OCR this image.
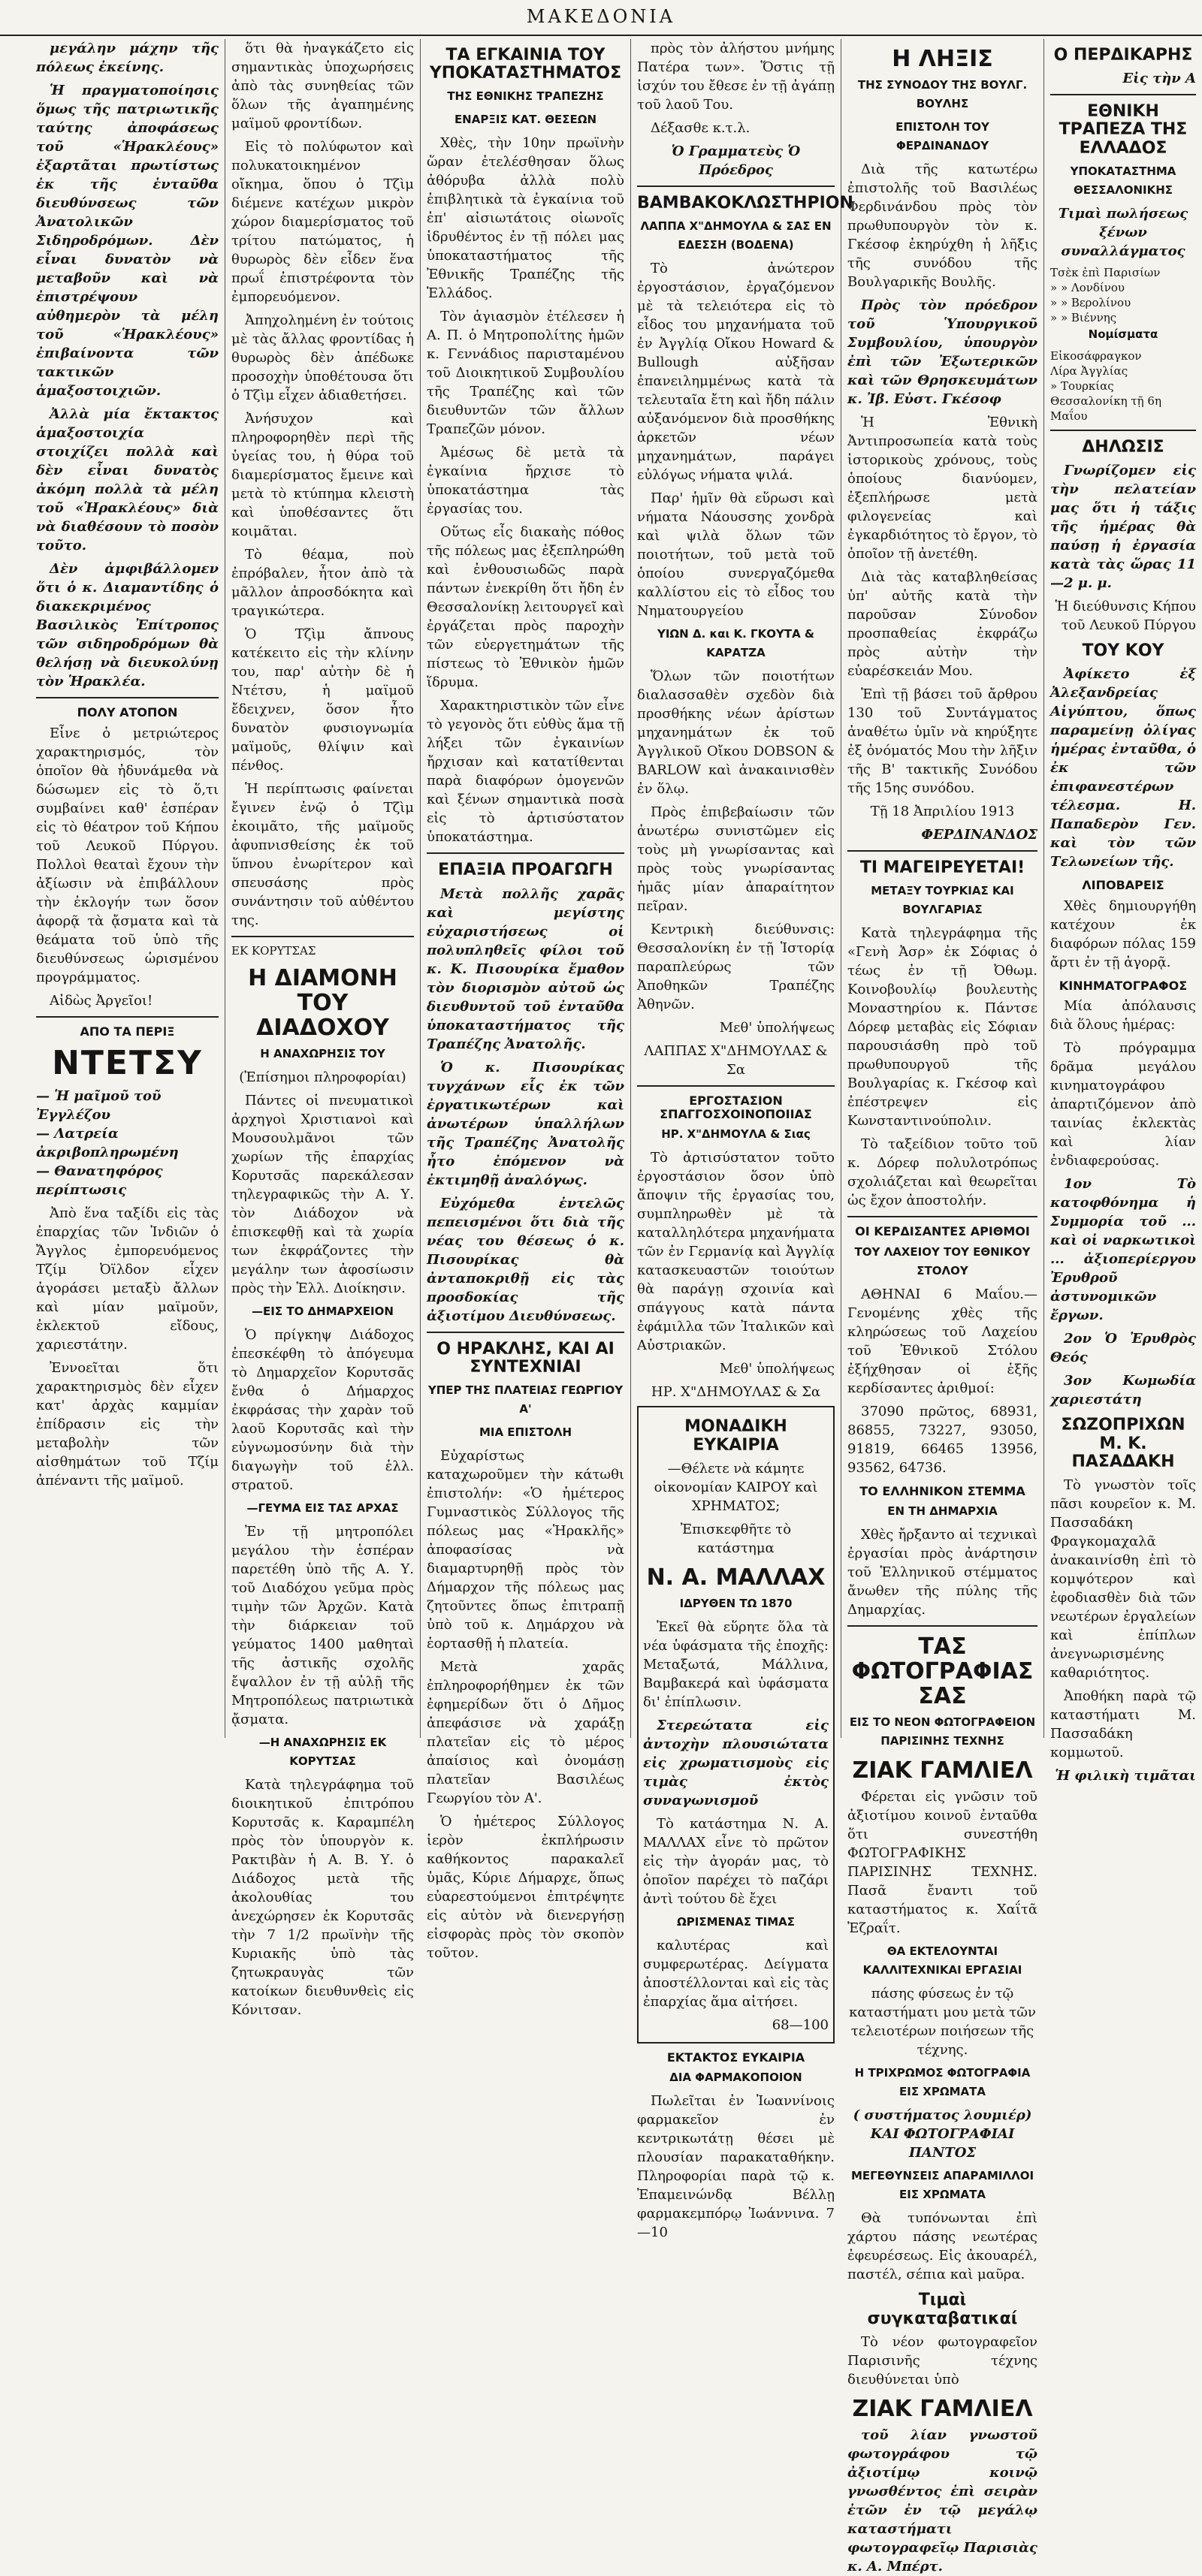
ΜΑΚΕΔΟΝΙΑ

μεγάλην μάχην τῆς πόλεως ἐκείνης.

Ἡ πραγματοποίησις ὅμως τῆς πατριωτικῆς ταύτης ἀποφάσεως τοῦ «Ἡρακλέους» ἐξαρτᾶται πρωτίστως ἐκ τῆς ἐνταῦθα διευθύνσεως τῶν Ἀνατολικῶν Σιδηροδρόμων. Δὲν εἶναι δυνατὸν νὰ μεταβοῦν καὶ νὰ ἐπιστρέψουν αὐθημερὸν τὰ μέλη τοῦ «Ἡρακλέους» ἐπιβαίνοντα τῶν τακτικῶν ἁμαξοστοιχιῶν.

Ἀλλὰ μία ἔκτακτος ἁμαξοστοιχία στοιχίζει πολλὰ καὶ δὲν εἶναι δυνατὸς ἀκόμη πολλὰ τὰ μέλη τοῦ «Ἡρακλέους» διὰ νὰ διαθέσουν τὸ ποσὸν τοῦτο.

Δὲν ἀμφιβάλλομεν ὅτι ὁ κ. Διαμαντίδης ὁ διακεκριμένος Βασιλικὸς Ἐπίτροπος τῶν σιδηροδρόμων θὰ θελήσῃ νὰ διευκολύνῃ τὸν Ἡρακλέα.

ΠΟΛΥ ΑΤΟΠΟΝ

Εἶνε ὁ μετριώτερος χαρακτηρισμός, τὸν ὁποῖον θὰ ἠδυνάμεθα νὰ δώσωμεν εἰς τὸ ὅ,τι συμβαίνει καθ' ἑσπέραν εἰς τὸ θέατρον τοῦ Κήπου τοῦ Λευκοῦ Πύργου. Πολλοὶ θεαταὶ ἔχουν τὴν ἀξίωσιν νὰ ἐπιβάλλουν τὴν ἐκλογήν των ὅσον ἀφορᾷ τὰ ᾄσματα καὶ τὰ θεάματα τοῦ ὑπὸ τῆς διευθύνσεως ὡρισμένου προγράμματος.

Αἰδὼς Ἀργεῖοι!

ΑΠΟ ΤΑ ΠΕΡΙΞ
ΝΤΕΤΣΥ
— Ἡ μαῖμοῦ τοῦ Ἐγγλέζου
— Λατρεία ἀκριβοπληρωμένη
— Θανατηφόρος περίπτωσις

Ἀπὸ ἕνα ταξίδι εἰς τὰς ἐπαρχίας τῶν Ἰνδιῶν ὁ Ἄγγλος ἐμπορευόμενος Τζίμ Ὀϊλδον εἶχεν ἀγοράσει μεταξὺ ἄλλων καὶ μίαν μαϊμοῦν, ἐκλεκτοῦ εἴδους, χαριεστάτην.

Ἐννοεῖται ὅτι χαρακτηρισμὸς δὲν εἶχεν κατ' ἀρχὰς καμμίαν ἐπίδρασιν εἰς τὴν μεταβολὴν τῶν αἰσθημάτων τοῦ Τζίμ ἀπέναντι τῆς μαϊμοῦ.

ὅτι θὰ ἠναγκάζετο εἰς σημαντικὰς ὑποχωρήσεις ἀπὸ τὰς συνηθείας τῶν ὅλων τῆς ἀγαπημένης μαϊμοῦ φροντίδων.

Εἰς τὸ πολύφωτον καὶ πολυκατοικημένον οἴκημα, ὅπου ὁ Τζὶμ διέμενε κατέχων μικρὸν χώρον διαμερίσματος τοῦ τρίτου πατώματος, ἡ θυρωρὸς δὲν εἶδεν ἕνα πρωΐ ἐπιστρέφοντα τὸν ἐμπορευόμενον.

Ἀπηχολημένη ἐν τούτοις μὲ τὰς ἄλλας φροντίδας ἡ θυρωρὸς δὲν ἀπέδωκε προσοχὴν ὑποθέτουσα ὅτι ὁ Τζὶμ εἶχεν ἀδιαθετήσει.

Ἀνήσυχον καὶ πληροφορηθὲν περὶ τῆς ὑγείας του, ἡ θύρα τοῦ διαμερίσματος ἔμεινε καὶ μετὰ τὸ κτύπημα κλειστὴ καὶ ὑποθέσαντες ὅτι κοιμᾶται.

Τὸ θέαμα, ποὺ ἐπρόβαλεν, ἦτον ἀπὸ τὰ μᾶλλον ἀπροσδόκητα καὶ τραγικώτερα.

Ὁ Τζὶμ ἄπνους κατέκειτο εἰς τὴν κλίνην του, παρ' αὐτὴν δὲ ἡ Ντέτσυ, ἡ μαϊμοῦ ἔδειχνεν, ὅσον ἦτο δυνατὸν φυσιογνωμία μαϊμοῦς, θλίψιν καὶ πένθος.

Ἡ περίπτωσις φαίνεται ἔγινεν ἐνῷ ὁ Τζὶμ ἐκοιμᾶτο, τῆς μαϊμοῦς ἀφυπνισθείσης ἐκ τοῦ ὕπνου ἐνωρίτερον καὶ σπευσάσης πρὸς συνάντησιν τοῦ αὐθέντου της.

ΕΚ ΚΟΡΥΤΣΑΣ
Η ΔΙΑΜΟΝΗ ΤΟΥ ΔΙΑΔΟΧΟΥ
Η ΑΝΑΧΩΡΗΣΙΣ ΤΟΥ

(Ἐπίσημοι πληροφορίαι)

Πάντες οἱ πνευματικοὶ ἀρχηγοὶ Χριστιανοὶ καὶ Μουσουλμᾶνοι τῶν χωρίων τῆς ἐπαρχίας Κορυτσᾶς παρεκάλεσαν τηλεγραφικῶς τὴν Α. Υ. τὸν Διάδοχον νὰ ἐπισκεφθῇ καὶ τὰ χωρία των ἐκφράζοντες τὴν μεγάλην των ἀφοσίωσιν πρὸς τὴν Ἑλλ. Διοίκησιν.

—ΕΙΣ ΤΟ ΔΗΜΑΡΧΕΙΟΝ

Ὁ πρίγκηψ Διάδοχος ἐπεσκέφθη τὸ ἀπόγευμα τὸ Δημαρχεῖον Κορυτσᾶς ἔνθα ὁ Δήμαρχος ἐκφράσας τὴν χαρὰν τοῦ λαοῦ Κορυτσᾶς καὶ τὴν εὐγνωμοσύνην διὰ τὴν διαγωγὴν τοῦ ἑλλ. στρατοῦ.

—ΓΕΥΜΑ ΕΙΣ ΤΑΣ ΑΡΧΑΣ

Ἐν τῇ μητροπόλει μεγάλου τὴν ἑσπέραν παρετέθη ὑπὸ τῆς Α. Υ. τοῦ Διαδόχου γεῦμα πρὸς τιμὴν τῶν Ἀρχῶν. Κατὰ τὴν διάρκειαν τοῦ γεύματος 1400 μαθηταὶ τῆς ἀστικῆς σχολῆς ἔψαλλον ἐν τῇ αὐλῇ τῆς Μητροπόλεως πατριωτικὰ ᾄσματα.

—Η ΑΝΑΧΩΡΗΣΙΣ ΕΚ ΚΟΡΥΤΣΑΣ

Κατὰ τηλεγράφημα τοῦ διοικητικοῦ ἐπιτρόπου Κορυτσᾶς κ. Καραμπέλη πρὸς τὸν ὑπουργὸν κ. Ρακτιβὰν ἡ Α. Β. Υ. ὁ Διάδοχος μετὰ τῆς ἀκολουθίας του ἀνεχώρησεν ἐκ Κορυτσᾶς τὴν 7 1/2 πρωϊνὴν τῆς Κυριακῆς ὑπὸ τὰς ζητωκραυγὰς τῶν κατοίκων διευθυνθεὶς εἰς Κόνιτσαν.

ΤΑ ΕΓΚΑΙΝΙΑ ΤΟΥ ΥΠΟΚΑΤΑΣΤΗΜΑΤΟΣ
ΤΗΣ ΕΘΝΙΚΗΣ ΤΡΑΠΕΖΗΣ
ΕΝΑΡΞΙΣ ΚΑΤ. ΘΕΣΕΩΝ

Χθὲς, τὴν 10ην πρωϊνὴν ὥραν ἐτελέσθησαν ὅλως ἀθόρυβα ἀλλὰ πολὺ ἐπιβλητικὰ τὰ ἐγκαίνια τοῦ ἐπ' αἰσιωτάτοις οἰωνοῖς ἱδρυθέντος ἐν τῇ πόλει μας ὑποκαταστήματος τῆς Ἐθνικῆς Τραπέζης τῆς Ἑλλάδος.

Τὸν ἁγιασμὸν ἐτέλεσεν ἡ Α. Π. ὁ Μητροπολίτης ἡμῶν κ. Γεννάδιος παρισταμένου τοῦ Διοικητικοῦ Συμβουλίου τῆς Τραπέζης καὶ τῶν διευθυντῶν τῶν ἄλλων Τραπεζῶν μόνον.

Ἀμέσως δὲ μετὰ τὰ ἐγκαίνια ἤρχισε τὸ ὑποκατάστημα τὰς ἐργασίας του.

Οὕτως εἶς διακαὴς πόθος τῆς πόλεως μας ἐξεπληρώθη καὶ ἐνθουσιωδῶς παρὰ πάντων ἐνεκρίθη ὅτι ἤδη ἐν Θεσσαλονίκῃ λειτουργεῖ καὶ ἐργάζεται πρὸς παροχὴν τῶν εὐεργετημάτων τῆς πίστεως τὸ Ἐθνικὸν ἡμῶν ἵδρυμα.

Χαρακτηριστικὸν τῶν εἶνε τὸ γεγονὸς ὅτι εὐθὺς ἅμα τῇ λήξει τῶν ἐγκαινίων ἤρχισαν καὶ κατατίθενται παρὰ διαφόρων ὁμογενῶν καὶ ξένων σημαντικὰ ποσὰ εἰς τὸ ἀρτισύστατον ὑποκατάστημα.

ΕΠΑΞΙΑ ΠΡΟΑΓΩΓΗ

Μετὰ πολλῆς χαρᾶς καὶ μεγίστης εὐχαριστήσεως οἱ πολυπληθεῖς φίλοι τοῦ κ. Κ. Πισουρίκα ἔμαθον τὸν διορισμὸν αὐτοῦ ὡς διευθυντοῦ τοῦ ἐνταῦθα ὑποκαταστήματος τῆς Τραπέζης Ἀνατολῆς.

Ὁ κ. Πισουρίκας τυγχάνων εἷς ἐκ τῶν ἐργατικωτέρων καὶ ἀνωτέρων ὑπαλλήλων τῆς Τραπέζης Ἀνατολῆς ἦτο ἐπόμενον νὰ ἐκτιμηθῇ ἀναλόγως.

Εὐχόμεθα ἐντελῶς πεπεισμένοι ὅτι διὰ τῆς νέας του θέσεως ὁ κ. Πισουρίκας θὰ ἀνταποκριθῇ εἰς τὰς προσδοκίας τῆς ἀξιοτίμου Διευθύνσεως.

Ο ΗΡΑΚΛΗΣ, ΚΑΙ ΑΙ ΣΥΝΤΕΧΝΙΑΙ
ΥΠΕΡ ΤΗΣ ΠΛΑΤΕΙΑΣ ΓΕΩΡΓΙΟΥ Α'
ΜΙΑ ΕΠΙΣΤΟΛΗ

Εὐχαρίστως καταχωροῦμεν τὴν κάτωθι ἐπιστολήν: «Ὁ ἡμέτερος Γυμναστικὸς Σύλλογος τῆς πόλεως μας «Ἡρακλῆς» ἀποφασίσας νὰ διαμαρτυρηθῇ πρὸς τὸν Δήμαρχον τῆς πόλεως μας ζητοῦντες ὅπως ἐπιτραπῇ ὑπὸ τοῦ κ. Δημάρχου νὰ ἑορτασθῇ ἡ πλατεία.

Μετὰ χαρᾶς ἐπληροφορήθημεν ἐκ τῶν ἐφημερίδων ὅτι ὁ Δῆμος ἀπεφάσισε νὰ χαράξῃ πλατεῖαν εἰς τὸ μέρος ἀπαίσιος καὶ ὀνομάσῃ πλατεῖαν Βασιλέως Γεωργίου τὸν Α'.

Ὁ ἡμέτερος Σύλλογος ἱερὸν ἐκπλήρωσιν καθήκοντος παρακαλεῖ ὑμᾶς, Κύριε Δήμαρχε, ὅπως εὐαρεστούμενοι ἐπιτρέψητε εἰς αὐτὸν νὰ διενεργήσῃ εἰσφορὰς πρὸς τὸν σκοπὸν τοῦτον.

πρὸς τὸν ἀλήστου μνήμης Πατέρα των». Ὅστις τῇ ἰσχύν του ἔθεσε ἐν τῇ ἀγάπῃ τοῦ λαοῦ Του.

Δέξασθε κ.τ.λ.

Ὁ Γραμματεὺς Ὁ Πρόεδρος

ΒΑΜΒΑΚΟΚΛΩΣΤΗΡΙΟΝ
ΛΑΠΠΑ Χ"ΔΗΜΟΥΛΑ & ΣΑΣ ΕΝ ΕΔΕΣΣΗ (ΒΟΔΕΝΑ)

Τὸ ἀνώτερον ἐργοστάσιον, ἐργαζόμενον μὲ τὰ τελειότερα εἰς τὸ εἶδος του μηχανήματα τοῦ ἐν Ἀγγλίᾳ Οἴκου Howard & Bullough αὐξῆσαν ἐπανειλημμένως κατὰ τὰ τελευταῖα ἔτη καὶ ἤδη πάλιν αὐξανόμενον διὰ προσθήκης ἀρκετῶν νέων μηχανημάτων, παράγει εὐλόγως νήματα ψιλά.

Παρ' ἡμῖν θὰ εὕρωσι καὶ νήματα Νάουσσης χονδρὰ καὶ ψιλὰ ὅλων τῶν ποιοτήτων, τοῦ μετὰ τοῦ ὁποίου συνεργαζόμεθα καλλίστου εἰς τὸ εἶδος του Νηματουργείου

ΥΙΩΝ Δ. και Κ. ΓΚΟΥΤΑ & ΚΑΡΑΤΖΑ

Ὅλων τῶν ποιοτήτων διαλασσαθὲν σχεδὸν διὰ προσθήκης νέων ἀρίστων μηχανημάτων ἐκ τοῦ Ἀγγλικοῦ Οἴκου DOBSON & BARLOW καὶ ἀνακαινισθὲν ἐν ὅλῳ.

Πρὸς ἐπιβεβαίωσιν τῶν ἀνωτέρω συνιστῶμεν εἰς τοὺς μὴ γνωρίσαντας καὶ πρὸς τοὺς γνωρίσαντας ἡμᾶς μίαν ἀπαραίτητον πεῖραν.

Κεντρικὴ διεύθυνσις: Θεσσαλονίκη ἐν τῇ Ἱστορίᾳ παραπλεύρως τῶν Ἀποθηκῶν Τραπέζης Ἀθηνῶν.

Μεθ' ὑπολήψεως

ΛΑΠΠΑΣ Χ"ΔΗΜΟΥΛΑΣ & Σα

ΕΡΓΟΣΤΑΣΙΟΝ ΣΠΑΓΓΟΣΧΟΙΝΟΠΟΙΙΑΣ
ΗΡ. Χ"ΔΗΜΟΥΛΑ & Σιας

Τὸ ἀρτισύστατον τοῦτο ἐργοστάσιον ὅσον ὑπὸ ἄποψιν τῆς ἐργασίας του, συμπληρωθὲν μὲ τὰ καταλληλότερα μηχανήματα τῶν ἐν Γερμανίᾳ καὶ Ἀγγλίᾳ κατασκευαστῶν τοιούτων θὰ παράγῃ σχοινία καὶ σπάγγους κατὰ πάντα ἐφάμιλλα τῶν Ἰταλικῶν καὶ Αὐστριακῶν.

Μεθ' ὑπολήψεως

ΗΡ. Χ"ΔΗΜΟΥΛΑΣ & Σα

ΜΟΝΑΔΙΚΗ ΕΥΚΑΙΡΙΑ

—Θέλετε νὰ κάμητε οἰκονομίαν ΚΑΙΡΟΥ καὶ ΧΡΗΜΑΤΟΣ;

Ἐπισκεφθῆτε τὸ κατάστημα

Ν. Α. ΜΑΛΛΑΧ
ΙΔΡΥΘΕΝ ΤΩ 1870

Ἐκεῖ θὰ εὕρητε ὅλα τὰ νέα ὑφάσματα τῆς ἐποχῆς: Μεταξωτά, Μάλλινα, Βαμβακερά καὶ ὑφάσματα δι' ἐπίπλωσιν.

Στερεώτατα εἰς ἀντοχὴν πλουσιώτατα εἰς χρωματισμοὺς εἰς τιμὰς ἐκτὸς συναγωνισμοῦ

Τὸ κατάστημα Ν. Α. ΜΑΛΛΑΧ εἶνε τὸ πρῶτον εἰς τὴν ἀγοράν μας, τὸ ὁποῖον παρέχει τὸ παζάρι ἀντὶ τούτου δὲ ἔχει

ΩΡΙΣΜΕΝΑΣ ΤΙΜΑΣ

καλυτέρας καὶ συμφερωτέρας. Δείγματα ἀποστέλλονται καὶ εἰς τὰς ἐπαρχίας ἅμα αἰτήσει.

68—100

ΕΚΤΑΚΤΟΣ ΕΥΚΑΙΡΙΑ
ΔΙΑ ΦΑΡΜΑΚΟΠΟΙΟΝ

Πωλεῖται ἐν Ἰωαννίνοις φαρμακεῖον ἐν κεντρικωτάτῃ θέσει μὲ πλουσίαν παρακαταθήκην. Πληροφορίαι παρὰ τῷ κ. Ἐπαμεινώνδᾳ Βέλλῃ φαρμακεμπόρῳ Ἰωάννινα. 7—10

Η ΛΗΞΙΣ
ΤΗΣ ΣΥΝΟΔΟΥ ΤΗΣ ΒΟΥΛΓ. ΒΟΥΛΗΣ
ΕΠΙΣΤΟΛΗ ΤΟΥ ΦΕΡΔΙΝΑΝΔΟΥ

Διὰ τῆς κατωτέρω ἐπιστολῆς τοῦ Βασιλέως Φερδινάνδου πρὸς τὸν πρωθυπουργὸν τὸν κ. Γκέσοφ ἐκηρύχθη ἡ λῆξις τῆς συνόδου τῆς Βουλγαρικῆς Βουλῆς.

Πρὸς τὸν πρόεδρον τοῦ Ὑπουργικοῦ Συμβουλίου, ὑπουργὸν ἐπὶ τῶν Ἐξωτερικῶν καὶ τῶν Θρησκευμάτων κ. Ἰβ. Εὐστ. Γκέσοφ

Ἡ Ἐθνικὴ Ἀντιπροσωπεία κατὰ τοὺς ἱστορικοὺς χρόνους, τοὺς ὁποίους διανύομεν, ἐξεπλήρωσε μετὰ φιλογενείας καὶ ἐγκαρδιότητος τὸ ἔργον, τὸ ὁποῖον τῇ ἀνετέθη.

Διὰ τὰς καταβληθείσας ὑπ' αὐτῆς κατὰ τὴν παροῦσαν Σύνοδον προσπαθείας ἐκφράζω πρὸς αὐτὴν τὴν εὐαρέσκειάν Μου.

Ἐπὶ τῇ βάσει τοῦ ἄρθρου 130 τοῦ Συντάγματος ἀναθέτω ὑμῖν νὰ κηρύξητε ἐξ ὀνόματός Μου τὴν λῆξιν τῆς Β' τακτικῆς Συνόδου τῆς 15ης συνόδου.

Τῇ 18 Ἀπριλίου 1913

ΦΕΡΔΙΝΑΝΔΟΣ

ΤΙ ΜΑΓΕΙΡΕΥΕΤΑΙ!
ΜΕΤΑΞΥ ΤΟΥΡΚΙΑΣ ΚΑΙ ΒΟΥΛΓΑΡΙΑΣ

Κατὰ τηλεγράφημα τῆς «Γενὴ Ἀσρ» ἐκ Σόφιας ὁ τέως ἐν τῇ Ὀθωμ. Κοινοβουλίῳ βουλευτὴς Μοναστηρίου κ. Πάντσε Δόρεφ μεταβὰς εἰς Σόφιαν παρουσιάσθη πρὸ τοῦ πρωθυπουργοῦ τῆς Βουλγαρίας κ. Γκέσοφ καὶ ἐπέστρεψεν εἰς Κωνσταντινούπολιν.

Τὸ ταξείδιον τοῦτο τοῦ κ. Δόρεφ πολυλοτρόπως σχολιάζεται καὶ θεωρεῖται ὡς ἔχον ἀποστολήν.

ΟΙ ΚΕΡΔΙΣΑΝΤΕΣ ΑΡΙΘΜΟΙ
ΤΟΥ ΛΑΧΕΙΟΥ ΤΟΥ ΕΘΝΙΚΟΥ ΣΤΟΛΟΥ

ΑΘΗΝΑΙ 6 Μαΐου.— Γενομένης χθὲς τῆς κληρώσεως τοῦ Λαχείου τοῦ Ἐθνικοῦ Στόλου ἐξήχθησαν οἱ ἑξῆς κερδίσαντες ἀριθμοί:

37090 πρῶτος, 68931, 86855, 73227, 93050, 91819, 66465 13956, 93562, 64736.

ΤΟ ΕΛΛΗΝΙΚΟΝ ΣΤΕΜΜΑ
ΕΝ ΤΗ ΔΗΜΑΡΧΙΑ

Χθὲς ἤρξαντο αἱ τεχνικαὶ ἐργασίαι πρὸς ἀνάρτησιν τοῦ Ἑλληνικοῦ στέμματος ἄνωθεν τῆς πύλης τῆς Δημαρχίας.

ΤΑΣ ΦΩΤΟΓΡΑΦΙΑΣ ΣΑΣ
ΕΙΣ ΤΟ ΝΕΟΝ ΦΩΤΟΓΡΑΦΕΙΟΝ ΠΑΡΙΣΙΝΗΣ ΤΕΧΝΗΣ
ΖΙΑΚ ΓΑΜΛΙΕΛ

Φέρεται εἰς γνῶσιν τοῦ ἀξιοτίμου κοινοῦ ἐνταῦθα ὅτι συνεστήθη ΦΩΤΟΓΡΑΦΙΚΗΣ ΠΑΡΙΣΙΝΗΣ ΤΕΧΝΗΣ. Πασᾶ ἔναντι τοῦ καταστήματος κ. Χαΐτᾶ Ἐζραΐτ.

ΘΑ ΕΚΤΕΛΟΥΝΤΑΙ ΚΑΛΛΙΤΕΧΝΙΚΑΙ ΕΡΓΑΣΙΑΙ

πάσης φύσεως ἐν τῷ καταστήματι μου μετὰ τῶν τελειοτέρων ποιήσεων τῆς τέχνης.

Η ΤΡΙΧΡΩΜΟΣ ΦΩΤΟΓΡΑΦΙΑ ΕΙΣ ΧΡΩΜΑΤΑ

( συστήματος λουμιέρ) ΚΑΙ ΦΩΤΟΓΡΑΦΙΑΙ ΠΑΝΤΟΣ

ΜΕΓΕΘΥΝΣΕΙΣ ΑΠΑΡΑΜΙΛΛΟΙ ΕΙΣ ΧΡΩΜΑΤΑ

Θὰ τυπόνωνται ἐπὶ χάρτου πάσης νεωτέρας ἐφευρέσεως. Εἰς ἀκουαρέλ, παστέλ, σέπια καὶ μαῦρα.

Τιμαὶ συγκαταβατικαί

Τὸ νέον φωτογραφεῖον Παρισινῆς τέχνης διευθύνεται ὑπὸ

ΖΙΑΚ ΓΑΜΛΙΕΛ

τοῦ λίαν γνωστοῦ φωτογράφου τῷ ἀξιοτίμῳ κοινῷ γνωσθέντος ἐπὶ σειρὰν ἐτῶν ἐν τῷ μεγάλῳ καταστήματι φωτογραφεῖῳ Παρισιὰς κ. Α. Μπέρτ.

Ο ΠΕΡΔΙΚΑΡΗΣ

Εἰς τὴν Α

ΕΘΝΙΚΗ ΤΡΑΠΕΖΑ ΤΗΣ ΕΛΛΑΔΟΣ
ΥΠΟΚΑΤΑΣΤΗΜΑ ΘΕΣΣΑΛΟΝΙΚΗΣ

Τιμαὶ πωλήσεως ξένων συναλλάγματος

Τσὲκ ἐπὶ Παρισίων
» » Λονδίνου
» » Βερολίνου
» » Βιέννης
Νομίσματα
Εἰκοσάφραγκον
Λίρα Ἀγγλίας
» Τουρκίας
Θεσσαλονίκη τῇ 6η Μαΐου
ΔΗΛΩΣΙΣ

Γνωρίζομεν εἰς τὴν πελατείαν μας ὅτι ἡ τάξις τῆς ἡμέρας θὰ παύσῃ ἡ ἐργασία κατὰ τὰς ὥρας 11—2 μ. μ.

Ἡ διεύθυνσις Κήπου τοῦ Λευκοῦ Πύργου

ΤΟΥ ΚΟΥ

Ἀφίκετο ἐξ Ἀλεξανδρείας Αἰγύπτου, ὅπως παραμείνῃ ὀλίγας ἡμέρας ἐνταῦθα, ὁ ἐκ τῶν ἐπιφανεστέρων τέλεσμα. Η. Παπαδερὸν Γεν. καὶ τὸν τῶν Τελωνείων τῆς.

ΛΙΠΟΒΑΡΕΙΣ

Χθὲς δημιουργήθη κατέχουν ἐκ διαφόρων πόλας 159 ἄρτι ἐν τῇ ἀγορᾷ.

ΚΙΝΗΜΑΤΟΓΡΑΦΟΣ

Μία ἀπόλαυσις διὰ ὅλους ἡμέρας:

Τὸ πρόγραμμα δρᾶμα μεγάλου κινηματογράφου ἀπαρτιζόμενον ἀπὸ ταινίας ἐκλεκτὰς καὶ λίαν ἐνδιαφερούσας.

1ον Τὸ κατοφθόνημα ἡ Συμμορία τοῦ ... καὶ οἱ ναρκωτικοὶ ... ἀξιοπερίεργου Ἐρυθροῦ ἀστυνομικῶν ἔργων.

2ον Ὁ Ἐρυθρὸς Θεός

3ον Κωμωδία χαριεστάτη

ΣΩΖΟΠΡΙΧΩΝ Μ. Κ. ΠΑΣΑΔΑΚΗ

Τὸ γνωστὸν τοῖς πᾶσι κουρεῖον κ. Μ. Πασσαδάκη Φραγκομαχαλᾶ ἀνακαινίσθη ἐπὶ τὸ κομψότερον καὶ ἐφοδιασθὲν διὰ τῶν νεωτέρων ἐργαλείων καὶ ἐπίπλων ἀνεγνωρισμένης καθαριότητος.

Ἀποθήκη παρὰ τῷ καταστήματι Μ. Πασσαδάκη κομμωτοῦ.

Ἡ φιλικὴ τιμᾶται
